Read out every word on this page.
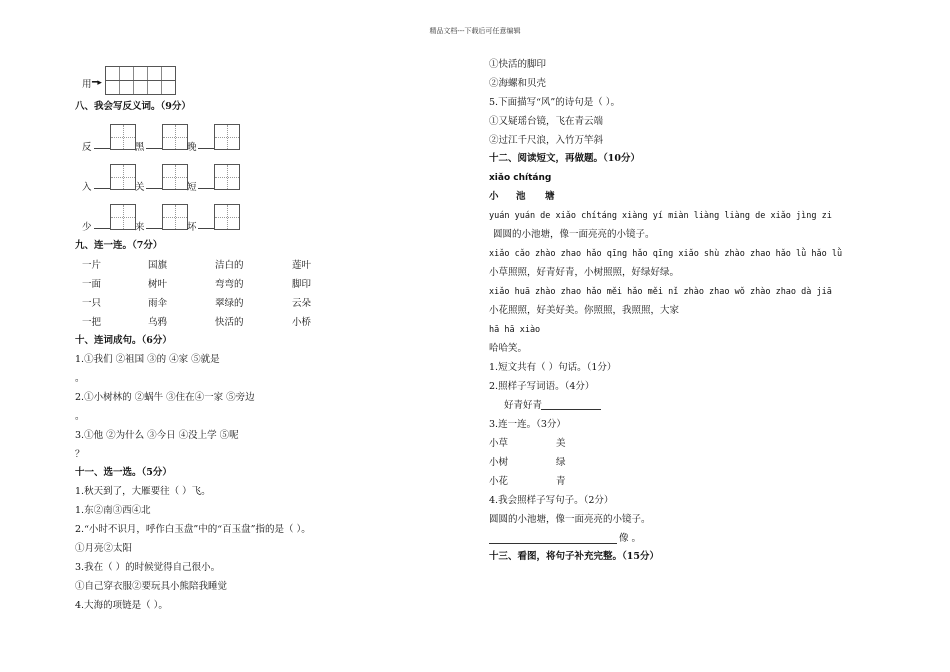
精品文档---下载后可任意编辑
用 ━▸
八、我会写反义词。（9分）
反	黑	晚
入	关	短
少	来	坏
九、连一连。（7分）
一片	国旗	洁白的	莲叶
一面	树叶	弯弯的	脚印
一只	雨伞	翠绿的	云朵
一把	乌鸦	快活的	小桥
十、连词成句。（6分）
1.①我们 ②祖国 ③的 ④家 ⑤就是
。
2.①小树林的 ②蜗牛 ③住在④一家 ⑤旁边
。
3.①他 ②为什么 ③今日 ④没上学 ⑤呢
？
十一、选一选。（5分）
1.秋天到了，大雁要往（ ）飞。
1.东②南③西④北
2.“小时不识月，呼作白玉盘”中的“百玉盘”指的是（ ）。
①月亮②太阳
3.我在（ ）的时候觉得自己很小。
①自己穿衣服②要玩具小熊陪我睡觉
4.大海的项链是（ ）。
①快活的脚印
②海螺和贝壳
5.下面描写“风”的诗句是（ ）。
①又疑瑶台镜，飞在青云端
②过江千尺浪，入竹万竿斜
十二、阅读短文，再做题。（10分）
xiǎo chítáng
小 池 塘
yuán yuán de xiǎo chítáng xiàng yí miàn liàng liàng de xiǎo jìng zi
圆圆的小池塘，像一面亮亮的小镜子。
xiǎo cǎo zhào zhao hǎo qīng hǎo qīng xiǎo shù zhào zhao hǎo lǜ hǎo lǜ
小草照照，好青好青，小树照照，好绿好绿。
xiǎo huā zhào zhao hǎo měi hǎo měi nǐ zhào zhao wǒ zhào zhao dà jiā
小花照照，好美好美。你照照，我照照，大家
hā hā xiào
哈哈笑。
1.短文共有（ ）句话。（1分）
2.照样子写词语。（4分）
好青好青
3.连一连。（3分）
小草	美
小树	绿
小花	青
4.我会照样子写句子。（2分）
圆圆的小池塘，像一面亮亮的小镜子。
像 。
十三、看图，将句子补充完整。（15分）
